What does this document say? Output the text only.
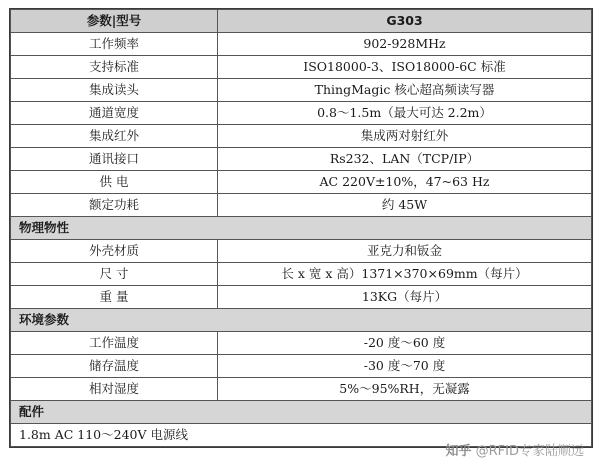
参数|型号	G303
工作频率	902-928MHz
支持标准	ISO18000-3、ISO18000-6C 标准
集成读头	ThingMagic 核心超高频读写器
通道宽度	0.8～1.5m（最大可达 2.2m）
集成红外	集成两对射红外
通讯接口	Rs232、LAN（TCP/IP）
供 电	AC 220V±10%，47~63 Hz
额定功耗	约 45W
物理物性	
外壳材质	亚克力和钣金
尺 寸	长 x 宽 x 高）1371×370×69mm（每片）
重 量	13KG（每片）
环境参数	
工作温度	-20 度～60 度
储存温度	-30 度～70 度
相对湿度	5%～95%RH，无凝露
配件	
1.8m AC 110～240V 电源线	
知乎 @RFID专家陆顺远
